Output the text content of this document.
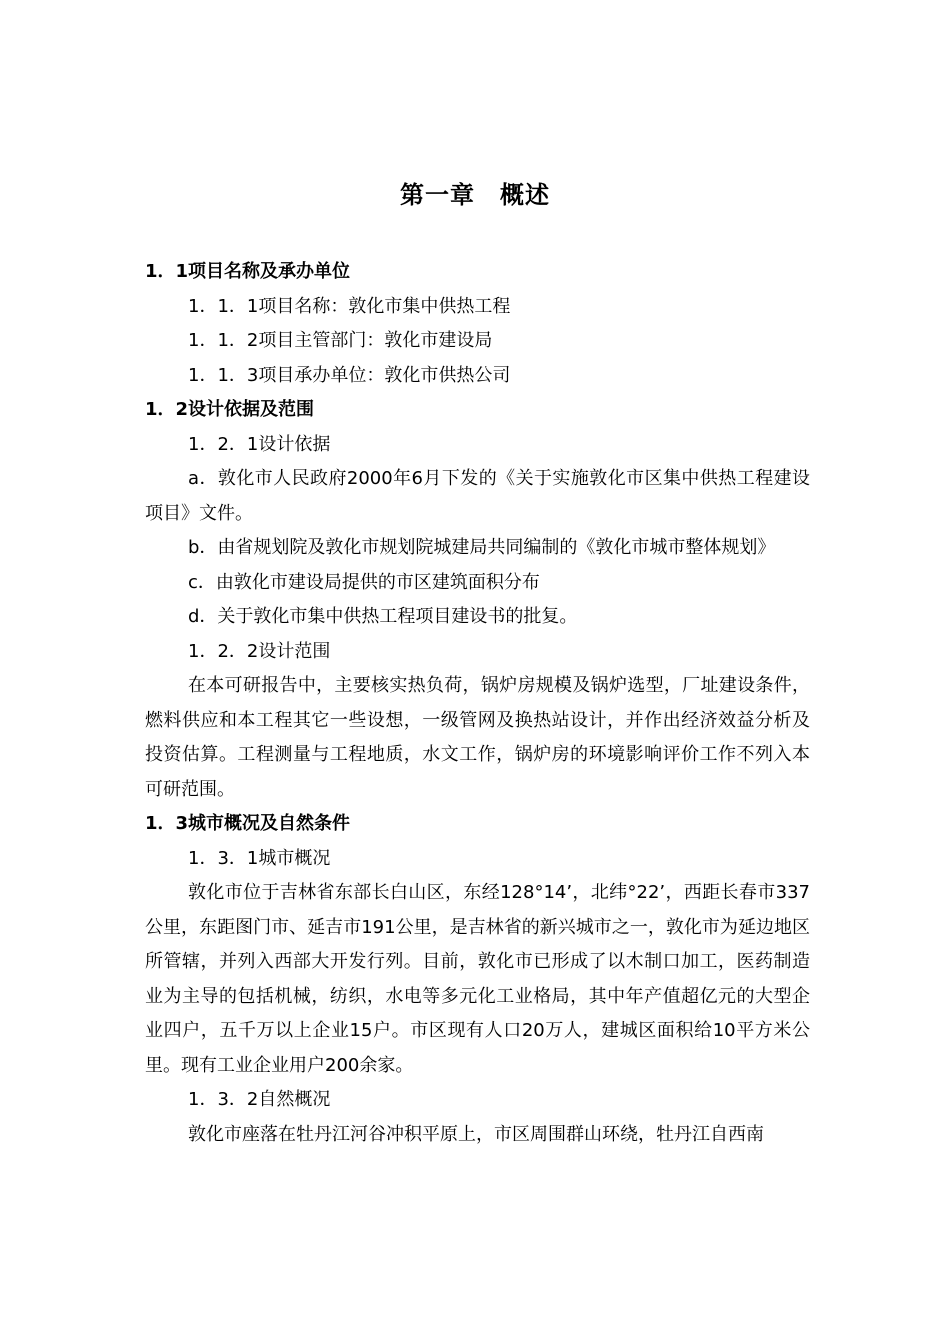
第一章　概述

1．1项目名称及承办单位

1．1．1项目名称：敦化市集中供热工程

1．1．2项目主管部门：敦化市建设局

1．1．3项目承办单位：敦化市供热公司

1．2设计依据及范围

1．2．1设计依据

a．敦化市人民政府2000年6月下发的《关于实施敦化市区集中供热工程建设项目》文件。

b．由省规划院及敦化市规划院城建局共同编制的《敦化市城市整体规划》

c．由敦化市建设局提供的市区建筑面积分布

d．关于敦化市集中供热工程项目建设书的批复。

1．2．2设计范围

在本可研报告中，主要核实热负荷，锅炉房规模及锅炉选型，厂址建设条件，燃料供应和本工程其它一些设想，一级管网及换热站设计，并作出经济效益分析及投资估算。工程测量与工程地质，水文工作，锅炉房的环境影响评价工作不列入本可研范围。

1．3城市概况及自然条件

1．3．1城市概况

敦化市位于吉林省东部长白山区，东经128°14’，北纬°22’，西距长春市337公里，东距图门市、延吉市191公里，是吉林省的新兴城市之一，敦化市为延边地区所管辖，并列入西部大开发行列。目前，敦化市已形成了以木制口加工，医药制造业为主导的包括机械，纺织，水电等多元化工业格局，其中年产值超亿元的大型企业四户，五千万以上企业15户。市区现有人口20万人，建城区面积给10平方米公里。现有工业企业用户200余家。

1．3．2自然概况

敦化市座落在牡丹江河谷冲积平原上，市区周围群山环绕，牡丹江自西南
